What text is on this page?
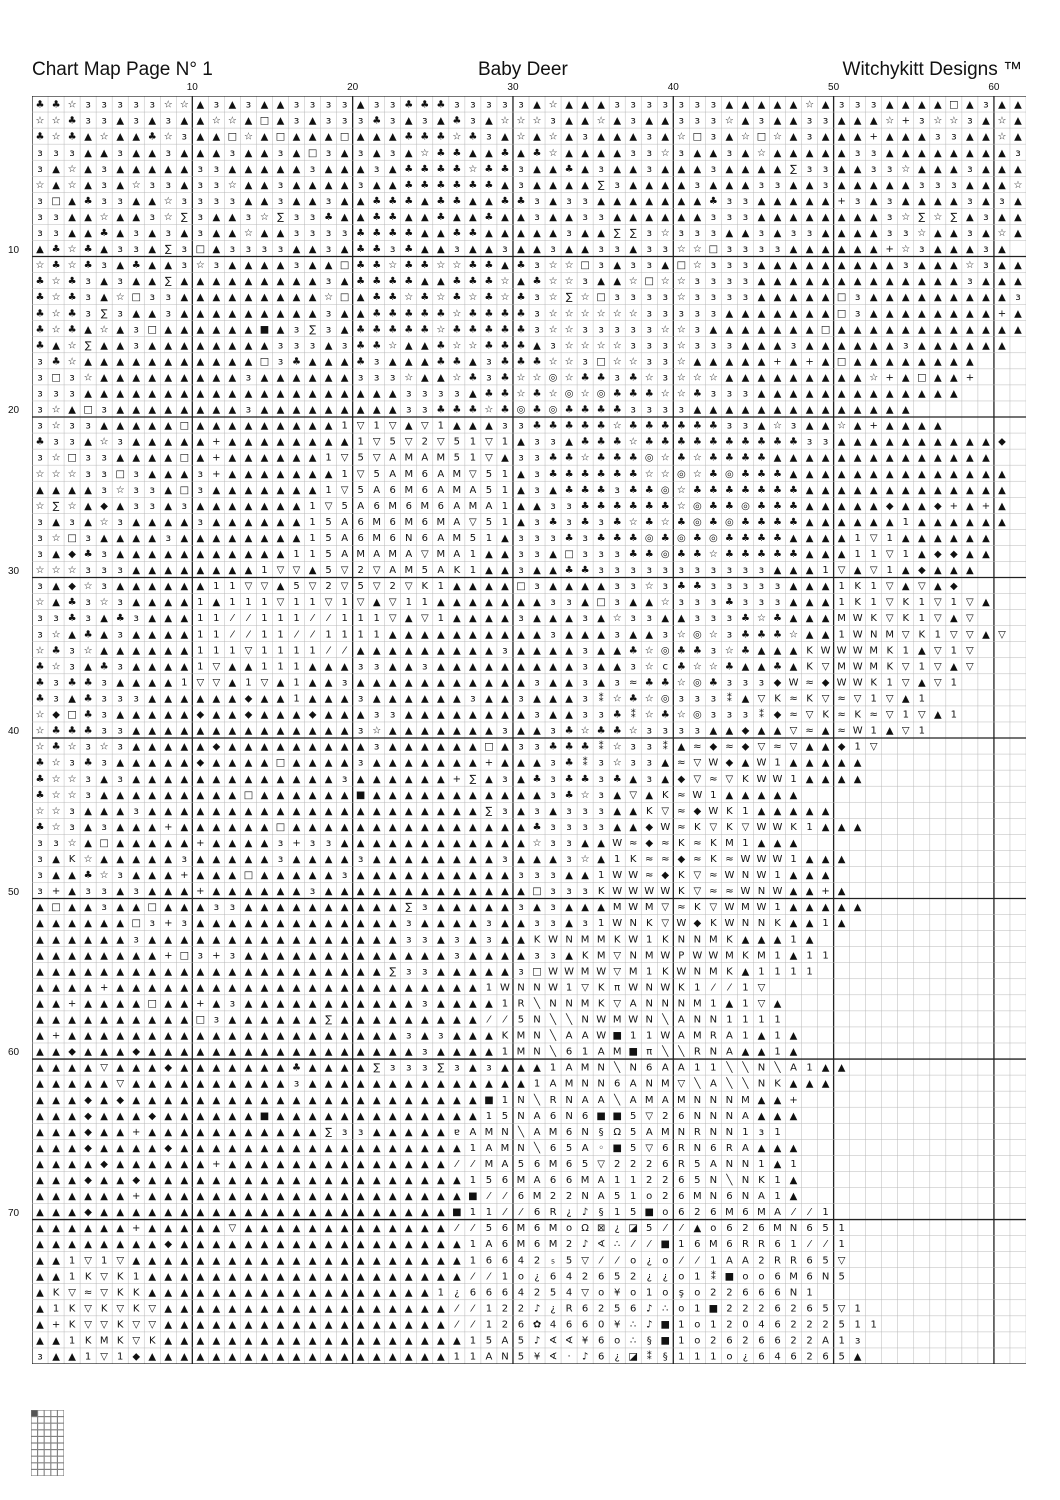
Chart Map Page N° 1	Baby Deer	Witchykitt Designs ™
10	20	30	40	50	60
10
20
30
40
50
60
70
♣ ♣ ☆ ɜ ɜ ɜ ɜ ɜ ☆ ☆ ▲ ɜ ▲ ɜ ▲ ▲ ɜ ɜ ɜ ɜ ▲ ɜ ɜ ♣ ♣ ♣ ɜ ɜ ɜ ɜ ɜ ▲ ☆ ▲ ▲ ▲ ɜ ɜ ɜ ɜ ɜ ɜ ɜ ▲ ▲ ▲ ▲ ▲ ☆ ▲ ɜ ɜ ɜ ▲ ▲ ▲ ▲ □ ▲ ɜ ▲ ▲
☆ ☆ ♣ ɜ ɜ ▲ ɜ ▲ ɜ ▲ ▲ ☆ ☆ ▲ □ ▲ ɜ ▲ ɜ ɜ ɜ ♣ ɜ ▲ ɜ ▲ ♣ ɜ ▲ ☆ ☆ ☆ ɜ ▲ ▲ ☆ ▲ ɜ ▲ ▲ ɜ ɜ ɜ ☆ ▲ ɜ ▲ ▲ ɜ ɜ ▲ ▲ ▲ ☆ + ɜ ☆ ☆ ɜ ▲ ☆ ▲
♣ ☆ ♣ ▲ ☆ ▲ ▲ ♣ ☆ ɜ ▲ ▲ □ ☆ ▲ □ ▲ ▲ ▲ □ ▲ ▲ ▲ ♣ ♣ ♣ ☆ ♣ ɜ ▲ ☆ ▲ ☆ ▲ ɜ ▲ ▲ ▲ ɜ ▲ ☆ □ ɜ ▲ ☆ □ ☆ ▲ ɜ ▲ ▲ ▲ + ▲ ▲ ▲ ɜ ɜ ▲ ▲ ☆ ▲
ɜ ɜ ɜ ▲ ▲ ɜ ▲ ▲ ɜ ▲ ▲ ▲ ɜ ▲ ▲ ɜ ▲ □ ɜ ▲ ɜ ▲ ɜ ▲ ☆ ♣ ♣ ▲ ▲ ♣ ▲ ♣ ☆ ▲ ▲ ▲ ▲ ɜ ɜ ☆ ɜ ▲ ▲ ɜ ▲ ☆ ▲ ▲ ▲ ▲ ▲ ɜ ɜ ▲ ▲ ▲ ▲ ▲ ▲ ▲ ▲ ɜ
ɜ ▲ ☆ ▲ ɜ ▲ ▲ ▲ ▲ ▲ ɜ ɜ ▲ ▲ ▲ ▲ ▲ ɜ ▲ ▲ ▲ ɜ ▲ ♣ ♣ ♣ ♣ ☆ ♣ ♣ ɜ ▲ ▲ ♣ ▲ ɜ ▲ ▲ ɜ ▲ ▲ ▲ ɜ ▲ ▲ ▲ ▲ ∑ ɜ ɜ ▲ ▲ ɜ ɜ ☆ ▲ ▲ ▲ ɜ ▲ ▲ ▲
☆ ▲ ☆ ▲ ɜ ▲ ☆ ɜ ɜ ▲ ɜ ɜ ☆ ▲ ▲ ɜ ▲ ▲ ▲ ▲ ɜ ▲ ▲ ♣ ♣ ♣ ♣ ♣ ♣ ▲ ɜ ▲ ▲ ▲ ▲ ∑ ɜ ▲ ▲ ▲ ▲ ɜ ▲ ▲ ▲ ɜ ɜ ▲ ▲ ɜ ▲ ▲ ▲ ▲ ▲ ɜ ɜ ɜ ▲ ▲ ▲ ☆
ɜ □ ▲ ♣ ɜ ɜ ▲ ▲ ☆ ɜ ɜ ɜ ɜ ▲ ▲ ɜ ▲ ▲ ɜ ▲ ▲ ♣ ♣ ♣ ▲ ♣ ♣ ▲ ▲ ♣ ♣ ɜ ▲ ɜ ɜ ▲ ▲ ▲ ▲ ▲ ▲ ▲ ♣ ɜ ɜ ▲ ▲ ▲ ▲ ▲ + ɜ ▲ ɜ ▲ ▲ ▲ ▲ ɜ ▲ ɜ ▲
ɜ ɜ ▲ ▲ ☆ ▲ ▲ ɜ ☆ ∑ ɜ ▲ ▲ ɜ ☆ ∑ ɜ ɜ ♣ ▲ ▲ ♣ ♣ ▲ ▲ ♣ ▲ ▲ ♣ ▲ ▲ ɜ ▲ ▲ ɜ ɜ ▲ ▲ ▲ ▲ ▲ ▲ ɜ ɜ ɜ ▲ ▲ ▲ ▲ ▲ ▲ ▲ ▲ ɜ ☆ ∑ ☆ ∑ ▲ ɜ ▲ ▲
ɜ ɜ ▲ ▲ ♣ ▲ ɜ ▲ ɜ ▲ ɜ ▲ ▲ ☆ ▲ ▲ ɜ ɜ ɜ ɜ ♣ ♣ ♣ ♣ ▲ ▲ ♣ ♣ ▲ ▲ ▲ ▲ ▲ ɜ ▲ ▲ ∑ ∑ ɜ ☆ ɜ ɜ ɜ ▲ ▲ ɜ ▲ ɜ ɜ ▲ ▲ ▲ ▲ ɜ ɜ ☆ ▲ ▲ ɜ ▲ ☆ ▲
▲ ♣ ☆ ♣ ▲ ɜ ɜ ▲ ∑ ɜ □ ▲ ɜ ɜ ɜ ɜ ▲ ▲ ɜ ▲ ♣ ♣ ɜ ♣ ▲ ▲ ɜ ▲ ▲ ɜ ▲ ▲ ɜ ▲ ▲ ɜ ɜ ▲ ɜ ɜ ☆ ☆ □ ɜ ɜ ɜ ɜ ▲ ▲ ▲ ▲ ▲ ▲ + ☆ ɜ ▲ ▲ ▲ ɜ ▲
☆ ♣ ☆ ♣ ɜ ▲ ♣ ▲ ▲ ɜ ☆ ɜ ▲ ▲ ▲ ▲ ɜ ▲ ▲ □ ♣ ♣ ☆ ♣ ♣ ☆ ☆ ♣ ♣ ▲ ♣ ɜ ☆ ☆ □ ɜ ▲ ɜ ɜ ▲ □ ☆ ɜ ɜ ɜ ▲ ▲ ▲ ▲ ▲ ▲ ▲ ▲ ▲ ɜ ▲ ▲ ▲ ☆ ɜ ▲ ▲
♣ ☆ ♣ ɜ ▲ ɜ ▲ ▲ ∑ ▲ ▲ ▲ ▲ ▲ ▲ ▲ ▲ ▲ ɜ ▲ ♣ ♣ ♣ ♣ ▲ ▲ ♣ ♣ ♣ ☆ ▲ ♣ ☆ ☆ ɜ ▲ ▲ ☆ □ ☆ ☆ ɜ ɜ ɜ ɜ ▲ ▲ ▲ ▲ ▲ ▲ ▲ ▲ ▲ ▲ ▲ ▲ ▲ ɜ ▲ ▲ ▲
♣ ☆ ♣ ɜ ▲ ☆ □ ɜ ɜ ▲ ▲ ▲ ▲ ▲ ▲ ▲ ▲ ▲ ☆ □ ▲ ♣ ♣ ☆ ♣ ☆ ♣ ☆ ♣ ☆ ♣ ɜ ☆ ∑ ☆ □ ɜ ɜ ɜ ɜ ☆ ɜ ɜ ɜ ɜ ▲ ▲ ▲ ▲ ▲ □ ɜ ▲ ▲ ▲ ▲ ▲ ▲ ▲ ▲ ▲ ɜ
♣ ☆ ♣ ɜ ∑ ɜ ▲ ▲ ɜ ▲ ▲ ▲ ▲ ▲ ▲ ▲ ▲ ▲ ɜ ▲ ▲ ♣ ♣ ♣ ♣ ♣ ☆ ♣ ♣ ♣ ♣ ɜ ☆ ☆ ☆ ☆ ☆ ☆ ɜ ɜ ɜ ɜ ɜ ▲ ▲ ▲ ▲ ▲ ▲ ▲ □ ɜ ▲ ▲ ▲ ▲ ▲ ▲ ▲ ▲ + ▲
♣ ☆ ♣ ▲ ☆ ▲ ɜ □ ▲ ▲ ▲ ▲ ▲ ▲ ■ ▲ ɜ ∑ ɜ ▲ ♣ ♣ ♣ ♣ ♣ ☆ ♣ ♣ ♣ ♣ ♣ ɜ ☆ ☆ ɜ ɜ ɜ ɜ ɜ ☆ ☆ ɜ ▲ ▲ ▲ ▲ ▲ ▲ ▲ □ ▲ ▲ ▲ ▲ ▲ ▲ ▲ ▲ ▲ ▲ ▲ ▲
♣ ▲ ☆ ∑ ▲ ▲ ɜ ▲ ▲ ▲ ▲ ▲ ▲ ▲ ▲ ɜ ɜ ɜ ▲ ɜ ♣ ♣ ☆ ▲ ▲ ♣ ☆ ☆ ♣ ♣ ♣ ▲ ɜ ☆ ☆ ☆ ☆ ɜ ɜ ɜ ☆ ɜ ɜ ɜ ▲ ▲ ▲ ɜ ▲ ▲ ▲ ▲ ▲ ▲ ɜ ▲ ▲ ▲ ▲ ▲ ▲
ɜ ♣ ☆ ▲ ▲ ▲ ▲ ▲ ▲ ▲ ▲ ▲ ▲ ▲ □ ɜ ♣ ▲ ▲ ▲ ♣ ɜ ▲ ▲ ▲ ♣ ♣ ▲ ɜ ♣ ♣ ♣ ☆ ☆ ɜ □ ☆ ☆ ɜ ɜ ☆ ▲ ▲ ▲ ▲ ▲ + ▲ + ▲ □ ▲ ▲ ▲ ▲ ▲ ▲ ▲ ▲
ɜ □ ɜ ☆ ▲ ▲ ▲ ▲ ▲ ▲ ▲ ▲ ▲ ɜ ▲ ▲ ▲ ▲ ▲ ▲ ɜ ɜ ɜ ☆ ▲ ▲ ☆ ♣ ɜ ♣ ☆ ☆ ◎ ☆ ♣ ♣ ɜ ♣ ☆ ɜ ☆ ☆ ☆ ▲ ▲ ▲ ▲ ▲ ▲ ▲ ▲ ▲ ☆ + ▲ □ ▲ ▲ +
ɜ ɜ ɜ ▲ ▲ ▲ ▲ ▲ ▲ ▲ ▲ ▲ ▲ ▲ ▲ ▲ ▲ ▲ ▲ ▲ ▲ ▲ ▲ ɜ ɜ ɜ ɜ ▲ ♣ ♣ ☆ ♣ ☆ ◎ ☆ ◎ ♣ ♣ ♣ ☆ ☆ ♣ ɜ ɜ ɜ ▲ ▲ ▲ ▲ ▲ ▲ ▲ ▲ ▲ ▲ ▲ ▲ ▲
ɜ ☆ ▲ □ ɜ ▲ ▲ ▲ ▲ ▲ ▲ ▲ ▲ ɜ ▲ ▲ ▲ ▲ ▲ ▲ ▲ ▲ ▲ ɜ ɜ ♣ ♣ ♣ ☆ ♣ ◎ ♣ ◎ ♣ ♣ ♣ ♣ ɜ ɜ ɜ ɜ ▲ ▲ ▲ ▲ ▲ ▲ ▲ ▲ ▲ ▲ ▲ ▲ ▲ ▲
ɜ ☆ ɜ ɜ ▲ ▲ ▲ ▲ ▲ □ ▲ ▲ ▲ ▲ ▲ ▲ ▲ ▲ ▲ 1 ▽ 1 ▽ ▲ ▽ 1 ▲ ▲ ▲ ɜ ɜ ♣ ♣ ♣ ♣ ♣ ☆ ♣ ♣ ♣ ♣ ♣ ♣ ɜ ɜ ▲ ☆ ɜ ▲ ▲ ☆ ▲ + ▲ ▲ ▲ ▲
♣ ɜ ɜ ▲ ☆ ɜ ▲ ▲ ▲ ▲ ▲ + ▲ ▲ ▲ ▲ ▲ ▲ ▲ ▲ 1 ▽ 5 ▽ 2 ▽ 5 1 ▽ 1 ▲ ɜ ɜ ▲ ♣ ♣ ♣ ☆ ♣ ♣ ♣ ♣ ♣ ♣ ♣ ♣ ♣ ♣ ɜ ɜ ▲ ▲ ▲ ▲ ▲ ▲ ▲ ▲ ▲ ▲ ◆
ɜ ☆ □ ɜ ɜ ▲ ▲ ▲ ▲ □ ▲ + ▲ ▲ ▲ ▲ ▲ ▲ 1 ▽ 5 ▽ A M A M 5 1 ▽ ▲ ɜ ɜ ♣ ♣ ☆ ♣ ♣ ♣ ◎ ☆ ♣ ☆ ♣ ♣ ♣ ♣ ▲ ▲ ▲ ▲ ▲ ▲ ▲ ▲ ▲ ▲ ▲ ▲ ▲ ▲
☆ ☆ ☆ ɜ ɜ □ ɜ ▲ ▲ ▲ ɜ + ▲ ▲ ▲ ▲ ▲ ▲ ▲ 1 ▽ 5 A M 6 A M ▽ 5 1 ▲ ɜ ♣ ♣ ♣ ♣ ♣ ♣ ☆ ☆ ◎ ☆ ♣ ◎ ♣ ♣ ♣ ▲ ▲ ▲ ▲ ▲ ▲ ▲ ▲ ▲ ▲ ▲ ▲ ▲ ▲
▲ ▲ ▲ ▲ ɜ ☆ ɜ ɜ ▲ □ ɜ ▲ ▲ ▲ ▲ ▲ ▲ ▲ 1 ▽ 5 A 6 M 6 A M A 5 1 ▲ ɜ ▲ ♣ ♣ ♣ ɜ ♣ ♣ ◎ ☆ ♣ ♣ ♣ ♣ ♣ ♣ ♣ ▲ ▲ ▲ ▲ ▲ ▲ ▲ ▲ ▲ ▲ ▲ ▲ ▲
☆ ∑ ☆ ▲ ◆ ▲ ɜ ɜ ▲ ɜ ▲ ▲ ▲ ▲ ▲ ▲ ▲ 1 ▽ 5 A 6 M 6 M 6 A M A 1 ▲ ▲ ɜ ɜ ♣ ♣ ♣ ♣ ♣ ♣ ☆ ◎ ♣ ♣ ◎ ♣ ♣ ♣ ▲ ▲ ▲ ▲ ▲ ◆ ▲ ▲ ◆ + ▲ + ▲
ɜ ▲ ɜ ▲ ☆ ɜ ▲ ▲ ▲ ▲ ɜ ▲ ▲ ▲ ▲ ▲ ▲ 1 5 A 6 M 6 M 6 M A ▽ 5 1 ▲ ɜ ♣ ɜ ♣ ɜ ♣ ☆ ♣ ☆ ♣ ◎ ♣ ◎ ♣ ♣ ♣ ♣ ▲ ▲ ▲ ▲ ▲ ▲ 1 ▲ ▲ ▲ ▲ ▲ ▲
ɜ ☆ □ ɜ ▲ ▲ ▲ ▲ ɜ ▲ ▲ ▲ ▲ ▲ ▲ ▲ ▲ 1 5 A 6 M 6 N 6 A M 5 1 ▲ ɜ ɜ ɜ ♣ ɜ ♣ ♣ ♣ ◎ ♣ ◎ ♣ ◎ ♣ ♣ ♣ ♣ ▲ ▲ ▲ ▲ 1 ▽ 1 ▲ ▲ ▲ ▲ ▲ ▲
ɜ ▲ ◆ ♣ ɜ ▲ ▲ ▲ ▲ ▲ ▲ ▲ ▲ ▲ ▲ ▲ 1 1 5 A M A M A ▽ M A 1 ▲ ▲ ɜ ɜ ▲ □ ɜ ɜ ɜ ♣ ♣ ◎ ♣ ♣ ☆ ♣ ♣ ♣ ♣ ♣ ▲ ▲ ▲ 1 1 ▽ 1 ▲ ◆ ◆ ▲ ▲
☆ ☆ ☆ ɜ ɜ ɜ ▲ ▲ ▲ ▲ ▲ ▲ ▲ ▲ 1 ▽ ▽ ▲ 5 ▽ 2 ▽ A M 5 A K 1 ▲ ▲ ɜ ▲ ▲ ♣ ♣ ɜ ɜ ɜ ɜ ɜ ɜ ɜ ɜ ɜ ɜ ɜ ▲ ▲ ▲ 1 ▽ ▲ ▽ 1 ▲ ◆ ▲ ▲ ▲
ɜ ▲ ◆ ☆ ɜ ▲ ▲ ▲ ▲ ▲ ▲ 1 1 ▽ ▽ ▲ 5 ▽ 2 ▽ 5 ▽ 2 ▽ K 1 ▲ ▲ ▲ ▲ □ ɜ ▲ ▲ ▲ ▲ ɜ ɜ ☆ ɜ ♣ ♣ ɜ ɜ ɜ ɜ ɜ ▲ ▲ ▲ 1 K 1 ▽ ▲ ▽ ▲ ◆
☆ ▲ ♣ ɜ ☆ ɜ ▲ ▲ ▲ ▲ 1 ▲ 1 1 1 ▽ 1 1 ▽ 1 ▽ ▲ ▽ 1 1 ▲ ▲ ▲ ▲ ▲ ▲ ▲ ɜ ɜ ▲ □ ɜ ▲ ▲ ☆ ɜ ɜ ɜ ♣ ɜ ɜ ɜ ▲ ▲ ▲ 1 K 1 ▽ K 1 ▽ 1 ▽ ▲
ɜ ɜ ♣ ɜ ▲ ♣ ɜ ▲ ▲ ▲ 1 1 ⁄ ⁄ 1 1 1 ⁄ ⁄ 1 1 1 ▽ ▲ ▽ 1 ▲ ▲ ▲ ▲ ɜ ▲ ▲ ▲ ɜ ▲ ☆ ɜ ɜ ▲ ▲ ɜ ɜ ɜ ♣ ☆ ♣ ▲ ▲ ▲ M W K ▽ K 1 ▽ ▲ ▽
ɜ ☆ ▲ ♣ ▲ ɜ ▲ ▲ ▲ ▲ 1 1 ⁄ ⁄ 1 1 ⁄ ⁄ 1 1 1 1 ▲ ▲ ▲ ▲ ▲ ▲ ▲ ▲ ▲ ▲ ɜ ▲ ▲ ▲ ɜ ▲ ▲ ɜ ☆ ◎ ☆ ɜ ♣ ♣ ♣ ☆ ▲ ▲ 1 W N M ▽ K 1 ▽ ▽ ▲ ▽
☆ ♣ ɜ ☆ ▲ ▲ ▲ ▲ ▲ ▲ 1 1 1 ▽ 1 1 1 1 ⁄ ⁄ ▲ ▲ ▲ ▲ ▲ ▲ ▲ ▲ ▲ ɜ ▲ ▲ ▲ ▲ ɜ ▲ ▲ ♣ ☆ ◎ ♣ ♣ ɜ ☆ ♣ ▲ ▲ ▲ K W W W M K 1 ▲ ▽ 1 ▽
♣ ☆ ɜ ▲ ♣ ɜ ▲ ▲ ▲ ▲ 1 ▽ ▲ ▲ 1 1 1 ▲ ▲ ▲ ɜ ɜ ▲ ▲ ɜ ▲ ▲ ▲ ▲ ▲ ▲ ▲ ▲ ▲ ɜ ▲ ▲ ɜ ☆ ᴄ ♣ ☆ ☆ ♣ ▲ ▲ ♣ ▲ K ▽ M W M K ▽ 1 ▽ ▲ ▽
♣ ɜ ♣ ♣ ɜ ▲ ▲ ▲ ▲ 1 ▽ ▽ ▲ 1 ▽ ▲ 1 ▲ ▲ ɜ ▲ ▲ ▲ ▲ ▲ ▲ ▲ ▲ ▲ ▲ ▲ ɜ ▲ ▲ ɜ ▲ ɜ ≈ ♣ ♣ ☆ ◎ ♣ ɜ ɜ ɜ ◆ W ≈ ◆ W W K 1 ▽ ▲ ▽ 1
♣ ɜ ▲ ♣ ɜ ɜ ɜ ▲ ▲ ▲ ▲ ▲ ▲ ◆ ▲ ▲ 1 ▲ ▲ ▲ ɜ ▲ ▲ ▲ ▲ ▲ ▲ ɜ ▲ ▲ ɜ ▲ ▲ ▲ ɜ ⁑ ☆ ♣ ☆ ◎ ɜ ɜ ɜ ⁑ ▲ ▽ K ≈ K ▽ ≈ ▽ 1 ▽ ▲ 1
☆ ◆ □ ♣ ɜ ▲ ▲ ▲ ▲ ▲ ◆ ▲ ▲ ◆ ▲ ▲ ▲ ◆ ▲ ▲ ▲ ɜ ɜ ▲ ▲ ▲ ▲ ▲ ▲ ▲ ▲ ɜ ▲ ▲ ɜ ɜ ♣ ⁑ ☆ ♣ ☆ ◎ ɜ ɜ ɜ ⁑ ◆ ≈ ▽ K ≈ K ≈ ▽ 1 ▽ ▲ 1
☆ ♣ ♣ ♣ ɜ ɜ ▲ ▲ ▲ ▲ ▲ ▲ ▲ ▲ ▲ ▲ ▲ ▲ ▲ ▲ ɜ ☆ ▲ ▲ ▲ ▲ ▲ ▲ ▲ ɜ ▲ ▲ ɜ ♣ ☆ ♣ ♣ ☆ ɜ ɜ ɜ ɜ ▲ ▲ ◆ ▲ ▲ ▽ ≈ ▲ ≈ W 1 ▲ ▽ 1
☆ ♣ ☆ ɜ ☆ ɜ ▲ ▲ ▲ ▲ ▲ ◆ ▲ ▲ ▲ ▲ ▲ ▲ ▲ ▲ ▲ ɜ ▲ ▲ ▲ ▲ ▲ ▲ □ ▲ ɜ ɜ ♣ ♣ ♣ ⁑ ☆ ɜ ɜ ⁑ ▲ ≈ ◆ ≈ ◆ ▽ ≈ ▽ ▲ ▲ ◆ 1 ▽
♣ ☆ ɜ ♣ ɜ ▲ ▲ ▲ ▲ ▲ ◆ ▲ ▲ ▲ ▲ □ ▲ ▲ ▲ ▲ ɜ ▲ ▲ ▲ ▲ ▲ ▲ ▲ + ▲ ▲ ▲ ɜ ♣ ⁑ ɜ ☆ ɜ ɜ ▲ ≈ ▽ W ◆ ▲ W 1 ▲ ▲ ▲ ▲ ▲
♣ ☆ ☆ ɜ ▲ ɜ ▲ ▲ ▲ ▲ ▲ ▲ ▲ ▲ ▲ ▲ ▲ ▲ ▲ ɜ ▲ ▲ ▲ ▲ ▲ ▲ + ∑ ▲ ɜ ▲ ♣ ɜ ♣ ♣ ɜ ♣ ▲ ɜ ▲ ◆ ▽ ≈ ▽ K W W 1 ▲ ▲ ▲ ▲
♣ ☆ ☆ ɜ ▲ ▲ ▲ ▲ ▲ ▲ ▲ ▲ ▲ □ ▲ ▲ ▲ ▲ ▲ ▲ ■ ▲ ▲ ▲ ▲ ▲ ▲ ▲ ▲ ▲ ▲ ▲ ɜ ♣ ☆ ɜ ▲ ▽ ▲ K ≈ W 1 ▲ ▲ ▲ ▲ ▲
☆ ☆ ɜ ▲ ▲ ▲ ɜ ▲ ▲ ▲ ▲ ▲ ▲ ▲ ▲ ▲ ▲ ▲ ▲ ▲ ▲ ▲ ▲ ▲ ▲ ▲ ▲ ▲ ∑ ɜ ▲ ɜ ▲ ɜ ɜ ɜ ▲ ▲ K ▽ ≈ ◆ W K 1 ▲ ▲ ▲ ▲ ▲
♣ ☆ ɜ ▲ ɜ ▲ ▲ ▲ + ▲ ▲ ▲ ▲ ▲ ▲ □ ▲ ▲ ▲ ▲ ▲ ▲ ▲ ▲ ▲ ▲ ▲ ▲ ▲ ▲ ▲ ♣ ɜ ɜ ɜ ɜ ▲ ▲ ◆ W ≈ K ▽ K ▽ W W K 1 ▲ ▲ ▲
ɜ ɜ ☆ ▲ □ ▲ ▲ ▲ ▲ ▲ + ▲ ▲ ▲ ▲ ɜ + ɜ ɜ ▲ ▲ ▲ ▲ ▲ ▲ ▲ ▲ ▲ ▲ ▲ ▲ ☆ ɜ ɜ ▲ ▲ W ≈ ◆ ≈ K ≈ K M 1 ▲ ▲ ▲
ɜ ▲ K ☆ ▲ ▲ ▲ ▲ ▲ ɜ ▲ ▲ ▲ ▲ ▲ ɜ ▲ ▲ ▲ ▲ ɜ ▲ ▲ ▲ ▲ ▲ ▲ ▲ ▲ ɜ ▲ ▲ ▲ ɜ ☆ ▲ 1 K ≈ ≈ ◆ ≈ K ≈ W W W 1 ▲ ▲ ▲
ɜ ▲ ▲ ♣ ☆ ɜ ▲ ▲ ▲ + ▲ ▲ ▲ □ ▲ ▲ ▲ ▲ ▲ ɜ ▲ ▲ ▲ ▲ ▲ ▲ ▲ ▲ ▲ ▲ ɜ ɜ ɜ ▲ ▲ 1 W W ≈ ◆ K ▽ ≈ W N W 1 ▲ ▲ ▲
ɜ + ▲ ɜ ɜ ▲ ɜ ▲ ▲ ▲ + ▲ ▲ ▲ ▲ ▲ ▲ ɜ ▲ ▲ ▲ ▲ ▲ ▲ ▲ ▲ ▲ ▲ ▲ ▲ ▲ □ ɜ ɜ ɜ K W W W W K ▽ ≈ ≈ W N W ▲ ▲ + ▲
▲ □ ▲ ▲ ɜ ▲ ▲ □ ▲ ▲ ▲ ɜ ɜ ▲ ▲ ▲ ▲ ▲ ▲ ▲ ▲ ▲ ▲ ∑ ɜ ▲ ▲ ▲ ▲ ▲ ɜ ▲ ɜ ▲ ▲ ▲ M W M ▽ ≈ K ▽ W M W 1 ▲ ▲ ▲ ▲ ▲
▲ ▲ ▲ ▲ ▲ ▲ □ ɜ + ɜ ▲ ▲ ▲ ▲ ▲ ▲ ▲ ▲ ▲ ▲ ▲ ▲ ▲ ɜ ▲ ▲ ▲ ▲ ɜ ▲ ▲ ɜ ɜ ▲ ɜ 1 W N K ▽ W ◆ K W N N K ▲ ▲ 1 ▲
▲ ▲ ▲ ▲ ▲ ▲ ɜ ▲ ▲ ▲ ▲ ▲ ▲ ▲ ▲ ▲ ▲ ▲ ▲ ▲ ▲ ▲ ▲ ɜ ɜ ▲ ɜ ▲ ɜ ▲ ▲ K W N M M K W 1 K N N M K ▲ ▲ ▲ 1 ▲
▲ ▲ ▲ ▲ ▲ ▲ ▲ ▲ + □ ɜ + ɜ ▲ ▲ ▲ ▲ ▲ ▲ ▲ ▲ ▲ ▲ ▲ ▲ ▲ ɜ ▲ ▲ ▲ ▲ ɜ ɜ ▲ K M ▽ N M W P W W M K M 1 ▲ 1 1
▲ ▲ ▲ ▲ ▲ ▲ ▲ ▲ ▲ ▲ ▲ ▲ ▲ ▲ ▲ ▲ ▲ ▲ ▲ ▲ ▲ ▲ ∑ ɜ ɜ ▲ ▲ ▲ ▲ ▲ ɜ □ W W M W ▽ M 1 K W N M K ▲ 1 1 1 1
▲ ▲ ▲ ▲ + ▲ ▲ ▲ ▲ ▲ ▲ ▲ ▲ ▲ ▲ ▲ ▲ ▲ ▲ ▲ ▲ ▲ ▲ ▲ ▲ ▲ ▲ ▲ 1 W N N W 1 ▽ K π W N W K 1 ⁄ ⁄ 1 ▽
▲ ▲ + ▲ ▲ ▲ ▲ □ ▲ ▲ + ▲ ɜ ▲ ▲ ▲ ▲ ▲ ▲ ▲ ▲ ▲ ▲ ▲ ɜ ▲ ▲ ▲ ▲ 1 R ╲ N N M K ▽ A N N N M 1 ▲ 1 ▽ ▲
▲ ▲ ▲ ▲ ▲ ▲ ▲ ▲ ▲ ▲ □ ɜ ▲ ▲ ▲ ▲ ▲ ▲ ∑ ▲ ▲ ▲ ▲ ▲ ▲ ▲ ▲ ▲ ⁄ ⁄ 5 N ╲ ╲ N W M W N ╲ A N N 1 1 1 1
▲ + ▲ ▲ ▲ ▲ ▲ ▲ ▲ ▲ ▲ ▲ ▲ ▲ ▲ ▲ ▲ ▲ ▲ ▲ ▲ ▲ ▲ ɜ ▲ ɜ ▲ ▲ ▲ K M N ╲ A A W ■ 1 1 W A M R A 1 ▲ 1 ▲
▲ ▲ ◆ ▲ ▲ ▲ ◆ ▲ ▲ ▲ ▲ ▲ ▲ ▲ ▲ ▲ ▲ ▲ ▲ ▲ ▲ ▲ ▲ ▲ ɜ ▲ ▲ ▲ ▲ 1 M N ╲ 6 1 A M ■ π ╲ ╲ R N A ▲ ▲ 1 ▲
▲ ▲ ▲ ▲ ▽ ▲ ▲ ▲ ◆ ▲ ▲ ▲ ▲ ▲ ▲ ▲ ♣ ▲ ▲ ▲ ▲ ∑ ɜ ɜ ɜ ∑ ɜ ▲ ɜ ▲ ▲ ▲ 1 A M N ╲ N 6 A A 1 1 ╲ ╲ N ╲ A 1 ▲ ▲
▲ ▲ ▲ ▲ ▲ ▽ ▲ ▲ ▲ ▲ ▲ ▲ ▲ ▲ ▲ ▲ ɜ ▲ ▲ ▲ ▲ ▲ ▲ ▲ ▲ ▲ ▲ ▲ ▲ ▲ ▲ 1 A M N N 6 A N M ▽ ╲ A ╲ ╲ N K ▲ ▲ ▲
▲ ▲ ▲ ◆ ▲ ◆ ▲ ▲ ▲ ▲ ▲ ▲ ▲ ▲ ▲ ▲ ▲ ▲ ▲ ▲ ▲ ▲ ▲ ▲ ▲ ▲ ▲ ▲ ■ 1 N ╲ R N A A ╲ A M A M N N N M ▲ ▲ +
▲ ▲ ▲ ◆ ▲ ▲ ▲ ◆ ▲ ▲ ▲ ▲ ▲ ▲ ■ ▲ ▲ ▲ ▲ ▲ ▲ ▲ ▲ ▲ ▲ ▲ ▲ ▲ 1 5 N A 6 N 6 ■ ■ 5 ▽ 2 6 N N N A ▲ ▲ ▲
▲ ▲ ▲ ◆ ▲ ▲ + ▲ ▲ ▲ ▲ ▲ ▲ ▲ ▲ ▲ ▲ ▲ ∑ ɜ ɜ ▲ ▲ ▲ ▲ ▲ ɐ A M N ╲ A M 6 N § Ω 5 A M N R N N 1 ɜ 1
▲ ▲ ▲ ◆ ▲ ▲ ▲ ▲ ◆ ▲ ▲ ▲ ▲ ▲ ▲ ▲ ▲ ▲ ▲ ▲ ▲ ▲ ▲ ▲ ▲ ▲ ▲ 1 A M N ╲ 6 5 A ◦ ■ 5 ▽ 6 R N 6 R A ▲ ▲ ▲
▲ ▲ ▲ ▲ ◆ ▲ ▲ ▲ ▲ ▲ ▲ + ▲ ▲ ▲ ▲ ▲ ▲ ▲ ▲ ▲ ▲ ▲ ▲ ▲ ▲ ⁄ ⁄ M A 5 6 M 6 5 ▽ 2 2 2 6 R 5 A N N 1 ▲ 1
▲ ▲ ▲ ◆ ▲ ▲ ◆ ▲ ▲ ▲ ▲ ▲ ▲ ▲ ▲ ▲ ▲ ▲ ▲ ▲ ▲ ▲ ▲ ▲ ▲ ▲ ▲ 1 5 6 M A 6 6 M A 1 1 2 2 6 5 N ╲ N K 1 ▲
▲ ▲ ▲ ▲ ▲ ▲ + ▲ ▲ ▲ ▲ ▲ ▲ ▲ ▲ ▲ ▲ ▲ ▲ ▲ ▲ ▲ ▲ ▲ ▲ ▲ ▲ ■ ⁄ ⁄ 6 M 2 2 N A 5 1 ο 2 6 M N 6 N A 1 ▲
▲ ▲ ▲ ◆ ▲ ▲ ▲ ▲ ▲ ▲ ▲ ▲ ▲ ▲ ▲ ▲ ▲ ▲ ▲ ▲ ▲ ▲ ▲ ▲ ▲ ▲ ■ 1 1 ⁄ ⁄ 6 R ¿ ♪ § 1 5 ■ ο 6 2 6 M 6 M A ⁄ ⁄ 1
▲ ▲ ▲ ▲ ▲ ▲ + ▲ ▲ ▲ ▲ ▲ ▽ ▲ ▲ ▲ ▲ ▲ ▲ ▲ ▲ ▲ ▲ ▲ ▲ ▲ ⁄ ⁄ 5 6 M 6 M ο Ω ⊠ ¿ ◪ 5 ⁄ ⁄ ▲ ο 6 2 6 M N 6 5 1
▲ ▲ ▲ ▲ ▲ ▲ ▲ ▲ ◆ ▲ ▲ ▲ ▲ ▲ ▲ ▲ ▲ ▲ ▲ ▲ ▲ ▲ ▲ ▲ ▲ ▲ ▲ 1 A 6 M 6 M 2 ♪ ∢ ∴ ⁄ ⁄ ■ 1 6 M 6 R R 6 1 ⁄ ⁄ 1
▲ ▲ 1 ▽ 1 ▽ ▲ ▲ ▲ ▲ ▲ ▲ ▲ ▲ ▲ ▲ ▲ ▲ ▲ ▲ ▲ ▲ ▲ ▲ ▲ ▲ ▲ 1 6 6 4 2 ₅ 5 ▽ ⁄ ⁄ ο ¿ ο ⁄ ⁄ 1 A A 2 R R 6 5 ▽
▲ ▲ 1 K ▽ K 1 ▲ ▲ ▲ ▲ ▲ ▲ ▲ ▲ ▲ ▲ ▲ ▲ ▲ ▲ ▲ ▲ ▲ ▲ ▲ ▲ ⁄ ⁄ 1 ο ¿ 6 4 2 6 5 2 ¿ ¿ ο 1 ⁑ ■ ο ο 6 M 6 N 5
▲ K ▽ ≈ ▽ K K ▲ ▲ ▲ ▲ ▲ ▲ ▲ ▲ ▲ ▲ ▲ ▲ ▲ ▲ ▲ ▲ ▲ ▲ 1 ¿ 6 6 6 4 2 5 4 ▽ ο ¥ ο 1 ο ş ο 2 2 6 6 6 N 1
▲ 1 K ▽ K ▽ K ▽ ▲ ▲ ▲ ▲ ▲ ▲ ▲ ▲ ▲ ▲ ▲ ▲ ▲ ▲ ▲ ▲ ▲ ▲ ⁄ ⁄ 1 2 2 ♪ ¿ R 6 2 5 6 ♪ ∴ ο 1 ■ 2 2 2 6 2 6 5 ▽ 1
▲ + K ▽ ▽ K ▽ ▽ ▲ ▲ ▲ ▲ ▲ ▲ ▲ ▲ ▲ ▲ ▲ ▲ ▲ ▲ ▲ ▲ ▲ ▲ ⁄ ⁄ 1 2 6 ✿ 4 6 6 0 ¥ ∴ ♪ ■ 1 ο 1 2 0 4 6 2 2 2 5 1 1
▲ ▲ 1 K M K ▽ K ▲ ▲ ▲ ▲ ▲ ▲ ▲ ▲ ▲ ▲ ▲ ▲ ▲ ▲ ▲ ▲ ▲ ▲ ▲ 1 5 A 5 ♪ ∢ ∢ ¥ 6 ο ∴ § ■ 1 ο 2 6 2 6 6 2 2 A 1 ɜ
ɜ ▲ ▲ 1 ▽ 1 ◆ ▲ ▲ ▲ ▲ ▲ ▲ ▲ ▲ ▲ ▲ ▲ ▲ ▲ ▲ ▲ ▲ ▲ ▲ ▲ 1 1 A N 5 ¥ ∢ · ♪ 6 ¿ ◪ ⁑ § 1 1 1 ο ¿ 6 4 6 2 6 5 ▲
